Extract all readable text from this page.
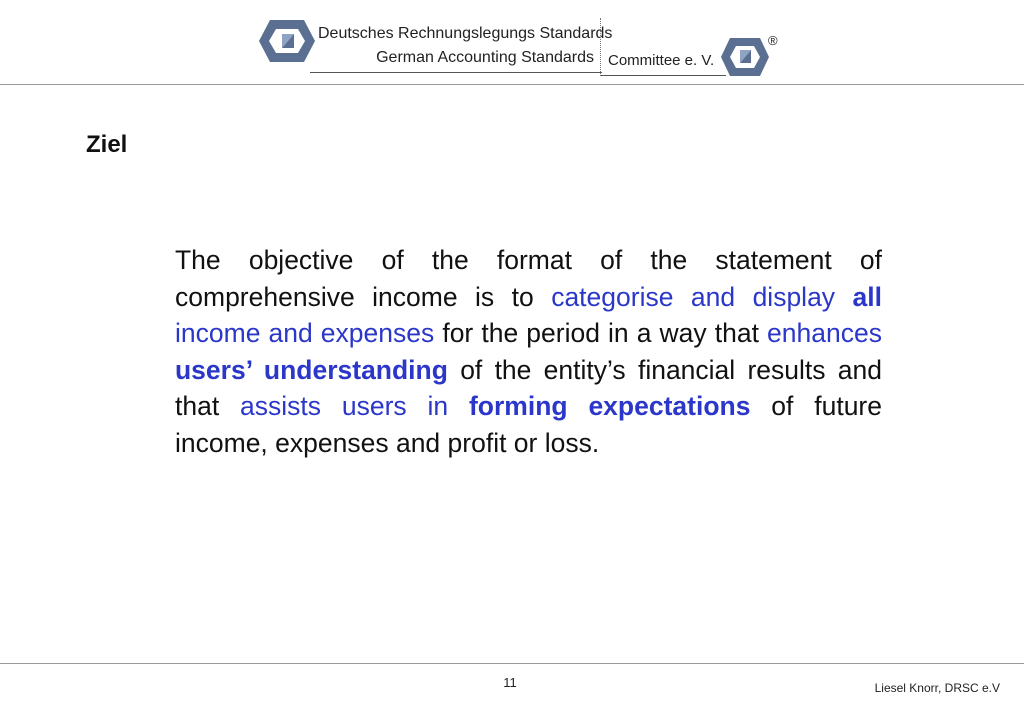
Deutsches Rechnungslegungs Standards
German Accounting Standards Committee e. V.
®
Ziel
The objective of the format of the statement of comprehensive income is to categorise and display all income and expenses for the period in a way that enhances users’ understanding of the entity’s financial results and that assists users in forming expectations of future income, expenses and profit or loss.
11	Liesel Knorr, DRSC e.V
